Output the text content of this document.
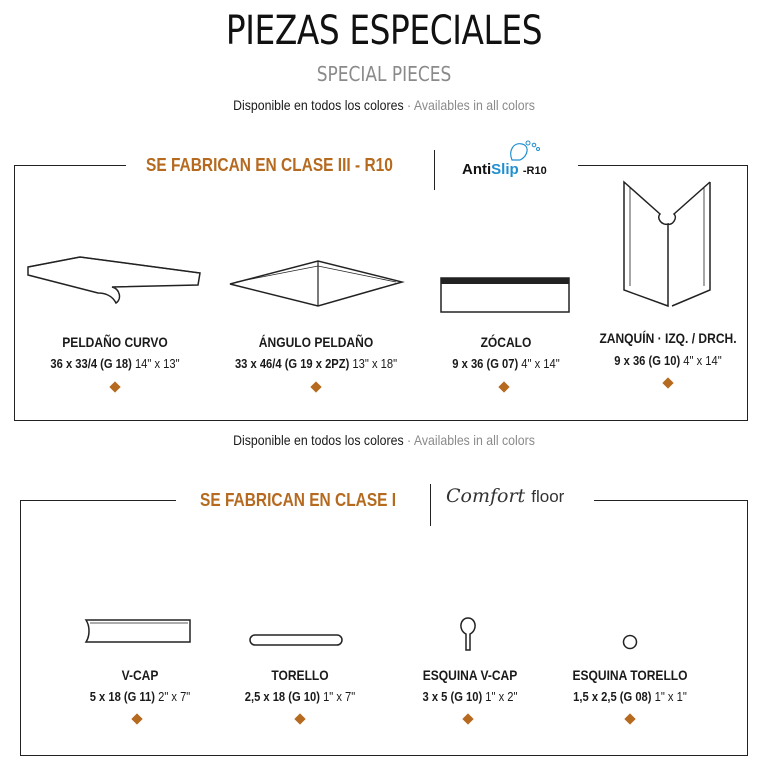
PIEZAS ESPECIALES
SPECIAL PIECES
Disponible en todos los colores · Availables in all colors
SE FABRICAN EN CLASE III - R10	AntiSlip -R10
PELDAÑO CURVO
36 x 33/4 (G 18) 14" x 13"
ÁNGULO PELDAÑO
33 x 46/4 (G 19 x 2PZ) 13" x 18"
ZÓCALO
9 x 36 (G 07) 4" x 14"
ZANQUÍN · IZQ. / DRCH.
9 x 36 (G 10) 4" x 14"
Disponible en todos los colores · Availables in all colors
SE FABRICAN EN CLASE I	Comfort floor
V-CAP
5 x 18 (G 11) 2" x 7"
TORELLO
2,5 x 18 (G 10) 1" x 7"
ESQUINA V-CAP
3 x 5 (G 10) 1" x 2"
ESQUINA TORELLO
1,5 x 2,5 (G 08) 1" x 1"
